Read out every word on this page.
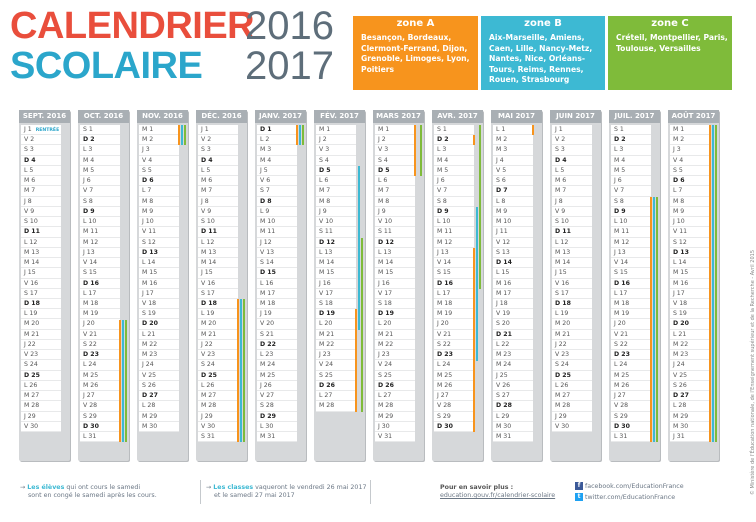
CALENDRIER
SCOLAIRE
2016
2017
zone A
Besançon, Bordeaux, Clermont-Ferrand, Dijon, Grenoble, Limoges, Lyon, Poitiers
zone B
Aix-Marseille, Amiens, Caen, Lille, Nancy-Metz, Nantes, Nice, Orléans-Tours, Reims, Rennes, Rouen, Strasbourg
zone C
Créteil, Montpellier, Paris, Toulouse, Versailles
SEPT. 2016
J 1 RENTRÉE
V 2
S 3
D 4
L 5
M 6
M 7
J 8
V 9
S 10
D 11
L 12
M 13
M 14
J 15
V 16
S 17
D 18
L 19
M 20
M 21
J 22
V 23
S 24
D 25
L 26
M 27
M 28
J 29
V 30
OCT. 2016
S 1
D 2
L 3
M 4
M 5
J 6
V 7
S 8
D 9
L 10
M 11
M 12
J 13
V 14
S 15
D 16
L 17
M 18
M 19
J 20
V 21
S 22
D 23
L 24
M 25
M 26
J 27
V 28
S 29
D 30
L 31
NOV. 2016
M 1
M 2
J 3
V 4
S 5
D 6
L 7
M 8
M 9
J 10
V 11
S 12
D 13
L 14
M 15
M 16
J 17
V 18
S 19
D 20
L 21
M 22
M 23
J 24
V 25
S 26
D 27
L 28
M 29
M 30
DÉC. 2016
J 1
V 2
S 3
D 4
L 5
M 6
M 7
J 8
V 9
S 10
D 11
L 12
M 13
M 14
J 15
V 16
S 17
D 18
L 19
M 20
M 21
J 22
V 23
S 24
D 25
L 26
M 27
M 28
J 29
V 30
S 31
JANV. 2017
D 1
L 2
M 3
M 4
J 5
V 6
S 7
D 8
L 9
M 10
M 11
J 12
V 13
S 14
D 15
L 16
M 17
M 18
J 19
V 20
S 21
D 22
L 23
M 24
M 25
J 26
V 27
S 28
D 29
L 30
M 31
FÉV. 2017
M 1
J 2
V 3
S 4
D 5
L 6
M 7
M 8
J 9
V 10
S 11
D 12
L 13
M 14
M 15
J 16
V 17
S 18
D 19
L 20
M 21
M 22
J 23
V 24
S 25
D 26
L 27
M 28
MARS 2017
M 1
J 2
V 3
S 4
D 5
L 6
M 7
M 8
J 9
V 10
S 11
D 12
L 13
M 14
M 15
J 16
V 17
S 18
D 19
L 20
M 21
M 22
J 23
V 24
S 25
D 26
L 27
M 28
M 29
J 30
V 31
AVR. 2017
S 1
D 2
L 3
M 4
M 5
J 6
V 7
S 8
D 9
L 10
M 11
M 12
J 13
V 14
S 15
D 16
L 17
M 18
M 19
J 20
V 21
S 22
D 23
L 24
M 25
M 26
J 27
V 28
S 29
D 30
MAI 2017
L 1
M 2
M 3
J 4
V 5
S 6
D 7
L 8
M 9
M 10
J 11
V 12
S 13
D 14
L 15
M 16
M 17
J 18
V 19
S 20
D 21
L 22
M 23
M 24
J 25
V 26
S 27
D 28
L 29
M 30
M 31
JUIN 2017
J 1
V 2
S 3
D 4
L 5
M 6
M 7
J 8
V 9
S 10
D 11
L 12
M 13
M 14
J 15
V 16
S 17
D 18
L 19
M 20
M 21
J 22
V 23
S 24
D 25
L 26
M 27
M 28
J 29
V 30
JUIL. 2017
S 1
D 2
L 3
M 4
M 5
J 6
V 7
S 8
D 9
L 10
M 11
M 12
J 13
V 14
S 15
D 16
L 17
M 18
M 19
J 20
V 21
S 22
D 23
L 24
M 25
M 26
J 27
V 28
S 29
D 30
L 31
AOÛT 2017
M 1
M 2
J 3
V 4
S 5
D 6
L 7
M 8
M 9
J 10
V 11
S 12
D 13
L 14
M 15
M 16
J 17
V 18
S 19
D 20
L 21
M 22
M 23
J 24
V 25
S 26
D 27
L 28
M 29
M 30
J 31
→ Les élèves qui ont cours le samedi
sont en congé le samedi après les cours.
→ Les classes vaqueront le vendredi 26 mai 2017
et le samedi 27 mai 2017
Pour en savoir plus :
education.gouv.fr/calendrier-scolaire
f facebook.com/EducationFrance
t twitter.com/EducationFrance
© Ministère de l'Éducation nationale, de l'Enseignement supérieur et de la Recherche - Avril 2015
